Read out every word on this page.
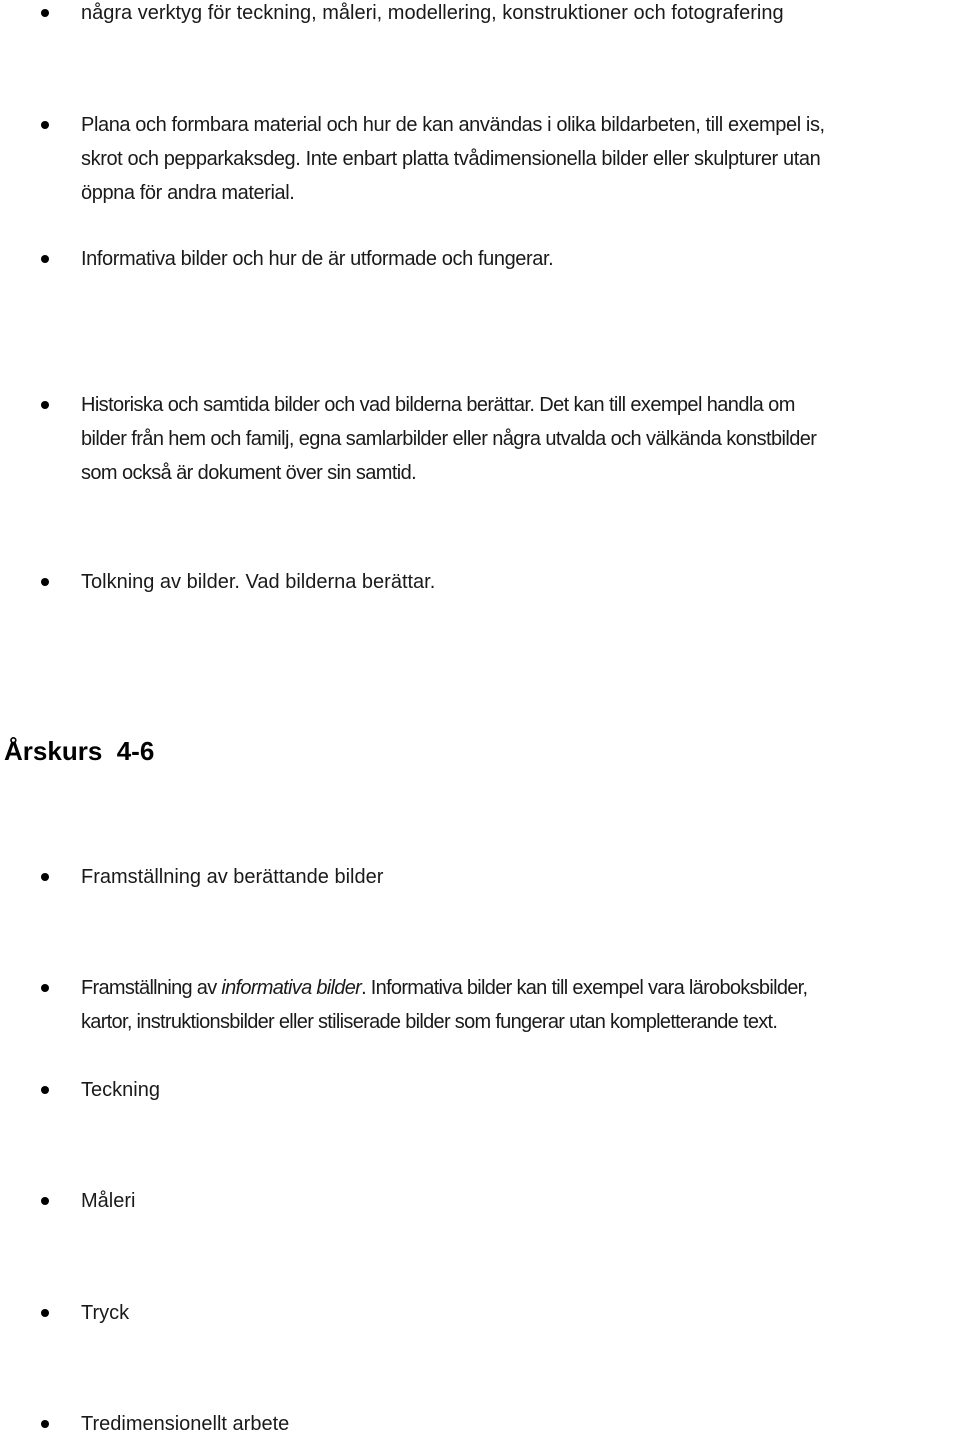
några verktyg för teckning, måleri, modellering, konstruktioner och fotografering
Plana och formbara material och hur de kan användas i olika bildarbeten, till exempel is,
skrot och pepparkaksdeg. Inte enbart platta tvådimensionella bilder eller skulpturer utan
öppna för andra material.
Informativa bilder och hur de är utformade och fungerar.
Historiska och samtida bilder och vad bilderna berättar. Det kan till exempel handla om
bilder från hem och familj, egna samlarbilder eller några utvalda och välkända konstbilder
som också är dokument över sin samtid.
Tolkning av bilder. Vad bilderna berättar.
Årskurs  4-6
Framställning av berättande bilder
Framställning av informativa bilder. Informativa bilder kan till exempel vara läroboksbilder,
kartor, instruktionsbilder eller stiliserade bilder som fungerar utan kompletterande text.
Teckning
Måleri
Tryck
Tredimensionellt arbete
